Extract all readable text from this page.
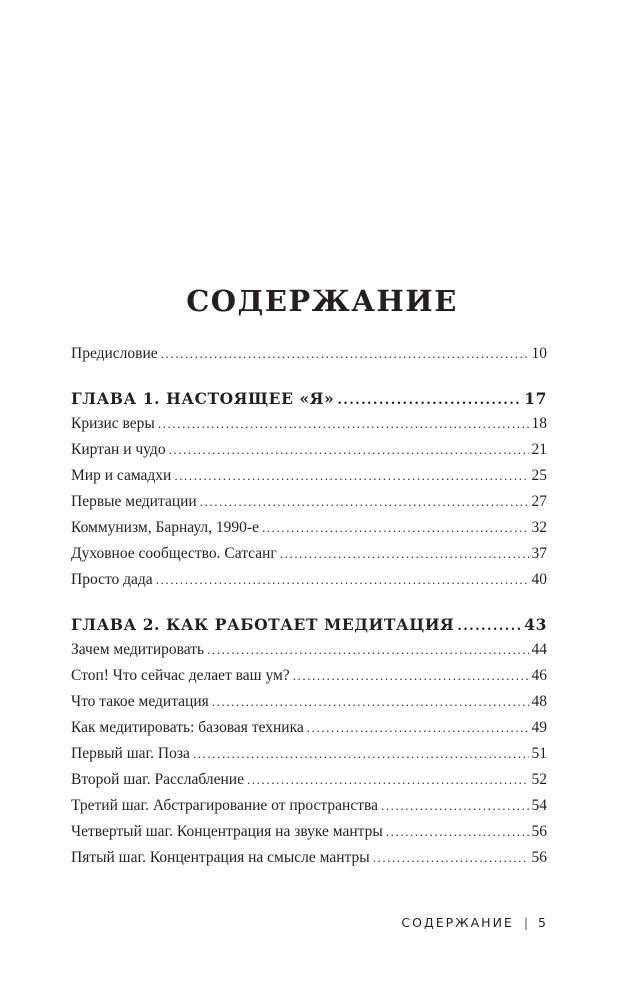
СОДЕРЖАНИЕ
Предисловие .....	10
ГЛАВА 1. НАСТОЯЩЕЕ «Я» .....	17
Кризис веры .....	18
Киртан и чудо .....	21
Мир и самадхи .....	25
Первые медитации .....	27
Коммунизм, Барнаул, 1990-е .....	32
Духовное сообщество. Сатсанг .....	37
Просто дада .....	40
ГЛАВА 2. КАК РАБОТАЕТ МЕДИТАЦИЯ .....	43
Зачем медитировать .....	44
Стоп! Что сейчас делает ваш ум? .....	46
Что такое медитация .....	48
Как медитировать: базовая техника .....	49
Первый шаг. Поза .....	51
Второй шаг. Расслабление .....	52
Третий шаг. Абстрагирование от пространства .....	54
Четвертый шаг. Концентрация на звуке мантры .....	56
Пятый шаг. Концентрация на смысле мантры .....	56
СОДЕРЖАНИЕ | 5
